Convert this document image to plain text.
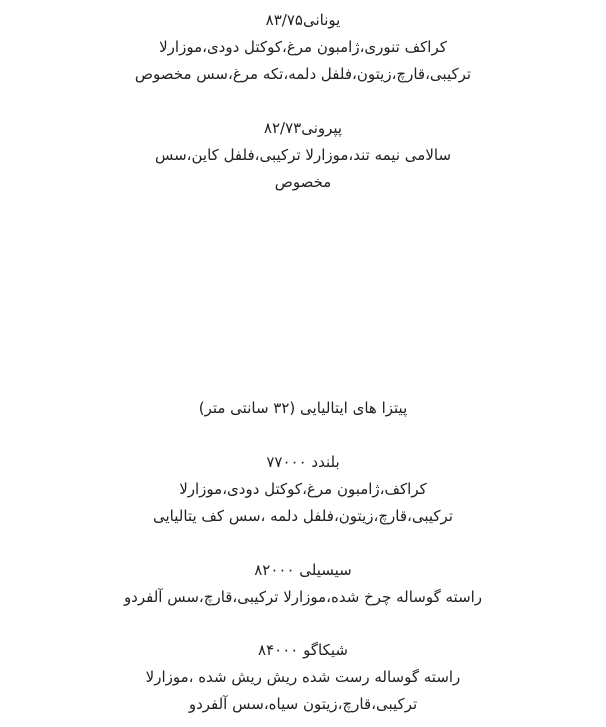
یونانی۸۳/۷۵
کراکف تنوری،ژامبون مرغ،کوکتل دودی،موزارلا
ترکیبی،قارچ،زیتون،فلفل دلمه،تکه مرغ،سس مخصوص
پپرونی۸۲/۷۳
سالامی نیمه تند،موزارلا ترکیبی،فلفل کاین،سس
مخصوص
پیتزا های ایتالیایی (۳۲ سانتی متر)
بلندد ۷۷۰۰۰
کراکف،ژامبون مرغ،کوکتل دودی،موزارلا
ترکیبی،قارچ،زیتون،فلفل دلمه ،سس کف یتالیایی
سیسیلی ۸۲۰۰۰
راسته گوساله چرخ شده،موزارلا ترکیبی،قارچ،سس آلفردو
شیکاگو ۸۴۰۰۰
راسته گوساله رست شده ریش ریش شده ،موزارلا
ترکیبی،قارچ،زیتون سیاه،سس آلفردو
